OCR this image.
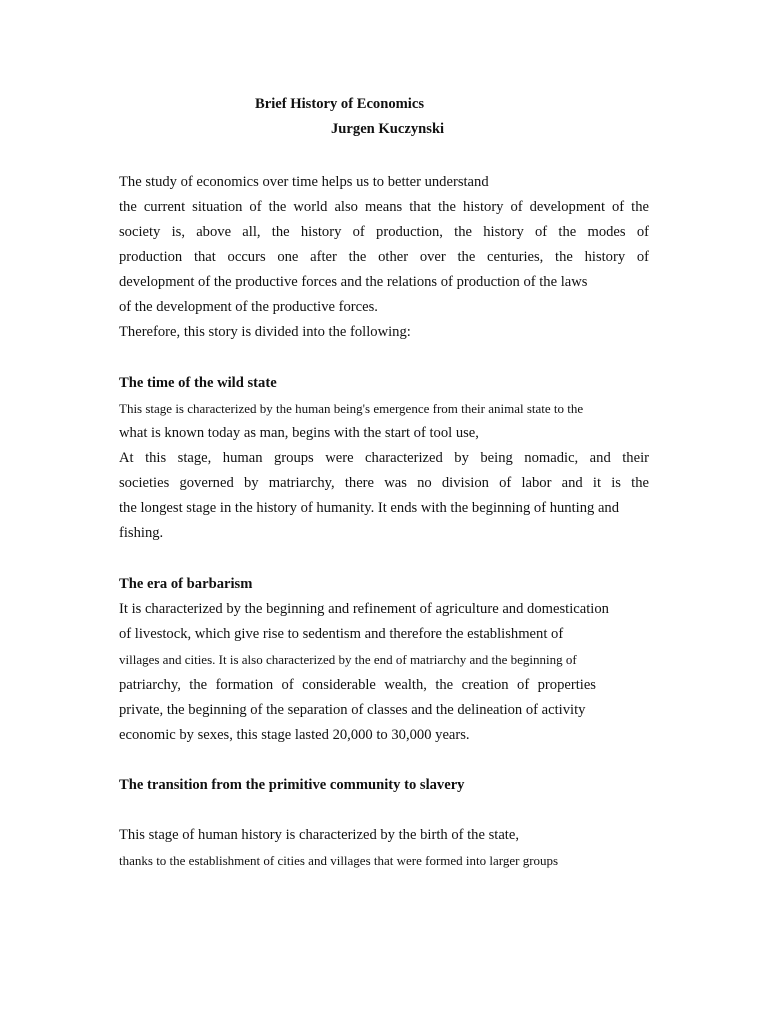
Brief History of Economics
Jurgen Kuczynski
The study of economics over time helps us to better understand
the current situation of the world also means that the history of development of the
society is, above all, the history of production, the history of the modes of
production that occurs one after the other over the centuries, the history of
development of the productive forces and the relations of production of the laws
of the development of the productive forces.
Therefore, this story is divided into the following:
The time of the wild state
This stage is characterized by the human being's emergence from their animal state to the
what is known today as man, begins with the start of tool use,
At this stage, human groups were characterized by being nomadic, and their
societies governed by matriarchy, there was no division of labor and it is the
the longest stage in the history of humanity. It ends with the beginning of hunting and
fishing.
The era of barbarism
It is characterized by the beginning and refinement of agriculture and domestication
of livestock, which give rise to sedentism and therefore the establishment of
villages and cities. It is also characterized by the end of matriarchy and the beginning of
patriarchy, the formation of considerable wealth, the creation of properties
private, the beginning of the separation of classes and the delineation of activity
economic by sexes, this stage lasted 20,000 to 30,000 years.
The transition from the primitive community to slavery
This stage of human history is characterized by the birth of the state,
thanks to the establishment of cities and villages that were formed into larger groups
